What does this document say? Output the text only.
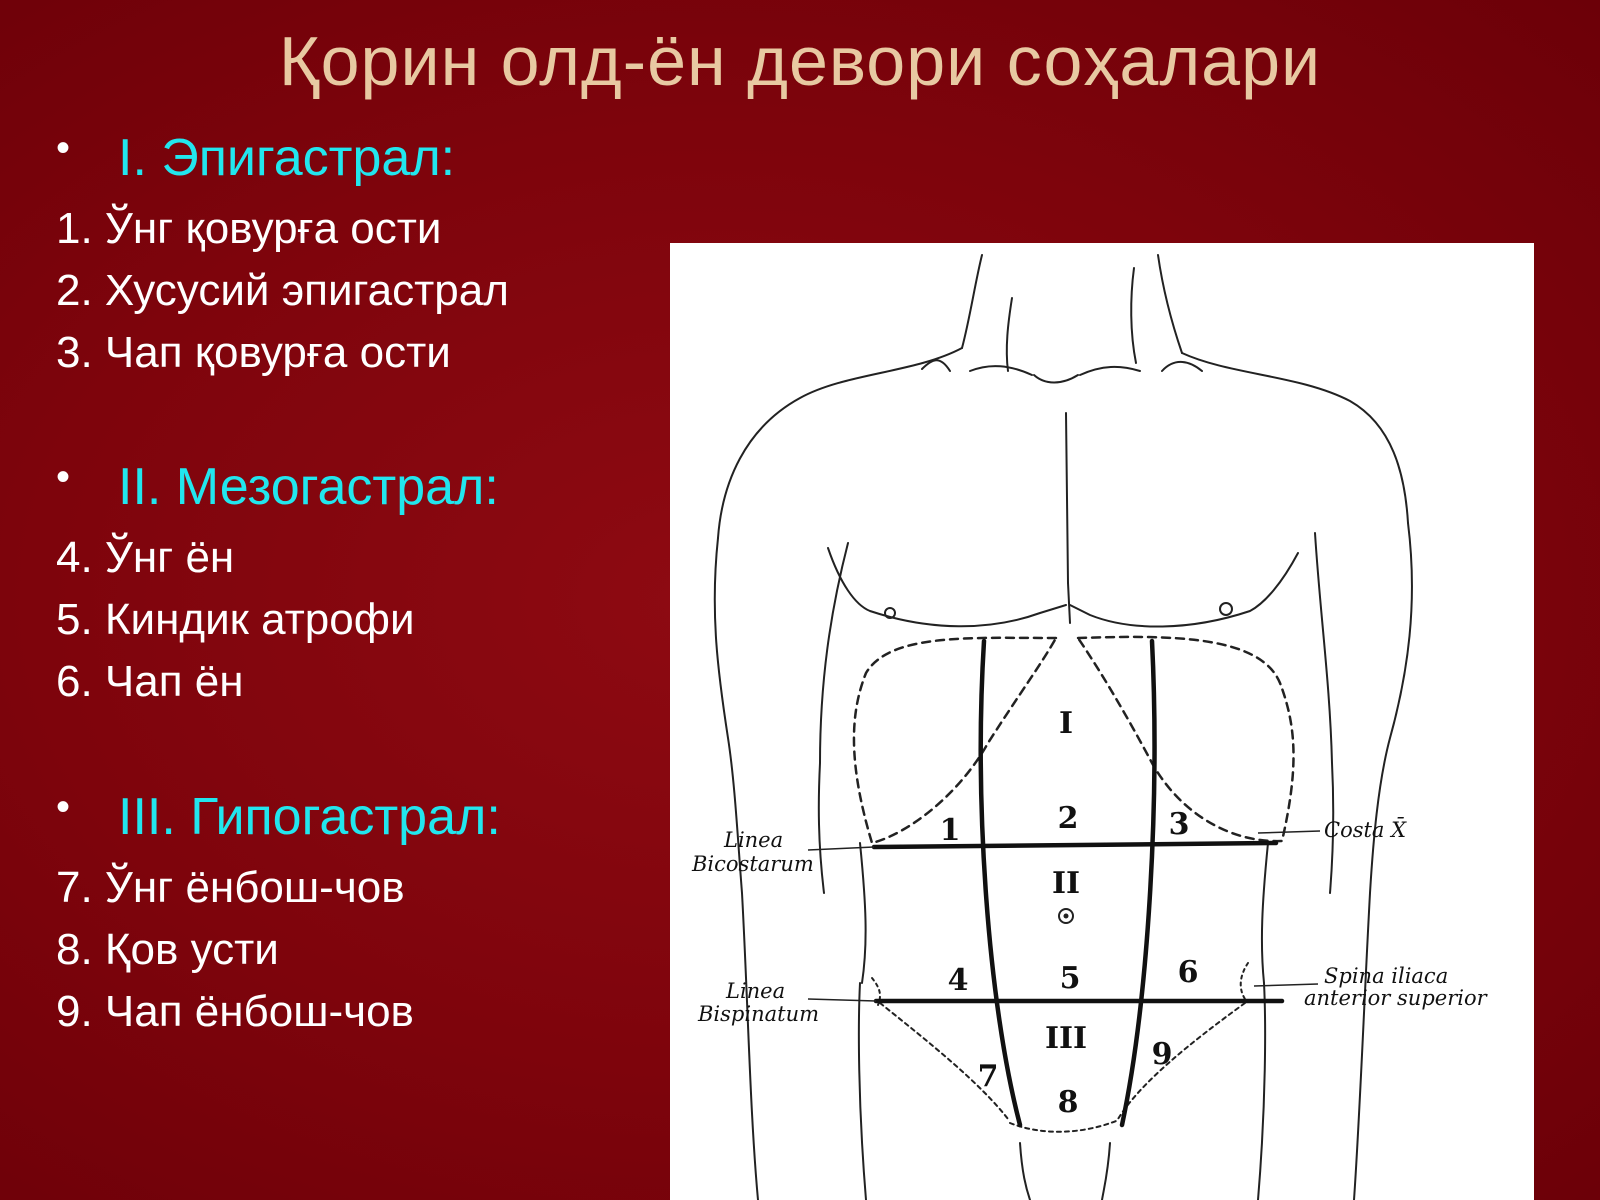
Қорин олд-ён девори соҳалари
• I. Эпигастрал:
1. Ўнг қовурға ости
2. Хусусий эпигастрал
3. Чап қовурға ости
• II. Мезогастрал:
4. Ўнг ён
5. Киндик атрофи
6. Чап ён
• III. Гипогастрал:
7. Ўнг ёнбош-чов
8. Қов усти
9. Чап ёнбош-чов
Linea
Bicostarum
Linea
Bispinatum
Costa X̄
Spina iliaca
anterior superior
I
II
III
1	2	3
4	5	6
7
8
9
